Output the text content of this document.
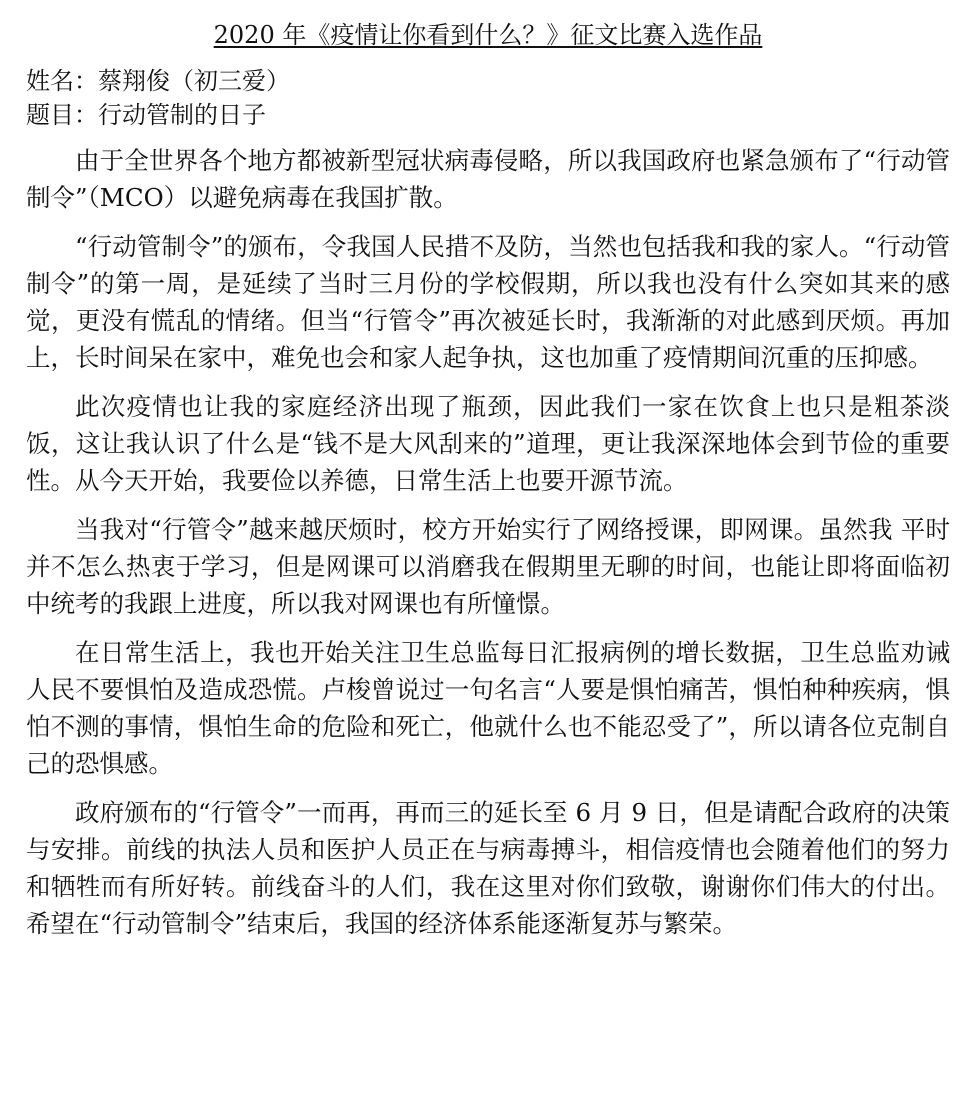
2020 年《疫情让你看到什么？》征文比赛入选作品
姓名：蔡翔俊（初三爱）
题目：行动管制的日子

由于全世界各个地方都被新型冠状病毒侵略，所以我国政府也紧急颁布了“行动管制令”（MCO）以避免病毒在我国扩散。

“行动管制令”的颁布，令我国人民措不及防，当然也包括我和我的家人。“行动管制令”的第一周，是延续了当时三月份的学校假期，所以我也没有什么突如其来的感觉，更没有慌乱的情绪。但当“行管令”再次被延长时，我渐渐的对此感到厌烦。再加上，长时间呆在家中，难免也会和家人起争执，这也加重了疫情期间沉重的压抑感。

此次疫情也让我的家庭经济出现了瓶颈，因此我们一家在饮食上也只是粗茶淡饭，这让我认识了什么是“钱不是大风刮来的”道理，更让我深深地体会到节俭的重要性。从今天开始，我要俭以养德，日常生活上也要开源节流。

当我对“行管令”越来越厌烦时，校方开始实行了网络授课，即网课。虽然我 平时并不怎么热衷于学习，但是网课可以消磨我在假期里无聊的时间，也能让即将面临初中统考的我跟上进度，所以我对网课也有所憧憬。

在日常生活上，我也开始关注卫生总监每日汇报病例的增长数据，卫生总监劝诫人民不要惧怕及造成恐慌。卢梭曾说过一句名言“人要是惧怕痛苦，惧怕种种疾病，惧怕不测的事情，惧怕生命的危险和死亡，他就什么也不能忍受了”，所以请各位克制自己的恐惧感。

政府颁布的“行管令”一而再，再而三的延长至 6 月 9 日，但是请配合政府的决策与安排。前线的执法人员和医护人员正在与病毒搏斗，相信疫情也会随着他们的努力和牺牲而有所好转。前线奋斗的人们，我在这里对你们致敬，谢谢你们伟大的付出。希望在“行动管制令”结束后，我国的经济体系能逐渐复苏与繁荣。
